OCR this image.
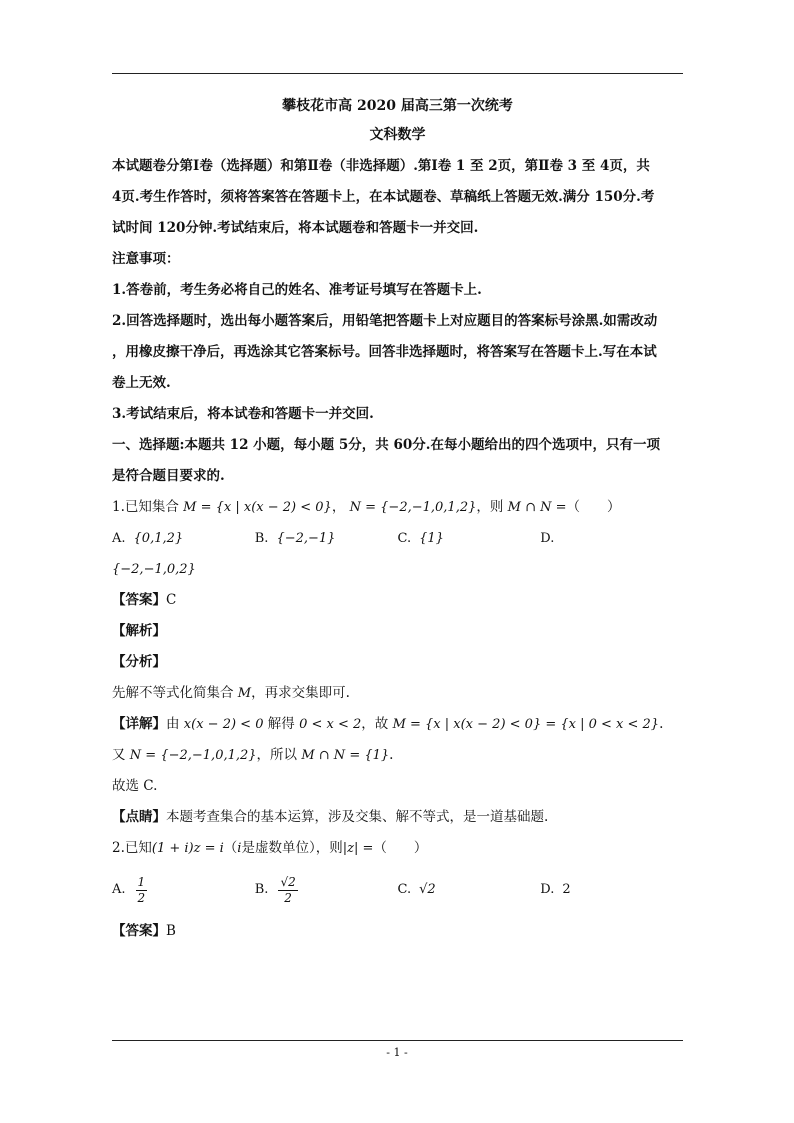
攀枝花市高 2020 届高三第一次统考

文科数学

本试题卷分第Ⅰ卷（选择题）和第Ⅱ卷（非选择题）.第Ⅰ卷 1 至 2页，第Ⅱ卷 3 至 4页，共

4页.考生作答时，须将答案答在答题卡上，在本试题卷、草稿纸上答题无效.满分 150分.考

试时间 120分钟.考试结束后，将本试题卷和答题卡一并交回.

注意事项：

1.答卷前，考生务必将自己的姓名、准考证号填写在答题卡上.

2.回答选择题时，选出每小题答案后，用铅笔把答题卡上对应题目的答案标号涂黑.如需改动

，用橡皮擦干净后，再选涂其它答案标号。回答非选择题时，将答案写在答题卡上.写在本试

卷上无效.

3.考试结束后，将本试卷和答题卡一并交回.

一、选择题:本题共 12 小题，每小题 5分，共 60分.在每小题给出的四个选项中，只有一项

是符合题目要求的.

1.已知集合 M = {x | x(x − 2) < 0}， N = {−2,−1,0,1,2}，则 M ∩ N =（　　）

A. {0,1,2}	B. {−2,−1}	C. {1}	D.

{−2,−1,0,2}

【答案】C

【解析】

【分析】

先解不等式化简集合 M，再求交集即可.

【详解】由 x(x − 2) < 0 解得 0 < x < 2，故 M = {x | x(x − 2) < 0} = {x | 0 < x < 2}.

又 N = {−2,−1,0,1,2}，所以 M ∩ N = {1}.

故选 C.

【点睛】本题考查集合的基本运算，涉及交集、解不等式，是一道基础题.

2.已知(1 + i)z = i（i是虚数单位），则|z| =（　　）

A. $\frac{1}{2}$	B. $\frac{√2}{2}$	C. √2	D. 2

【答案】B

- 1 -
